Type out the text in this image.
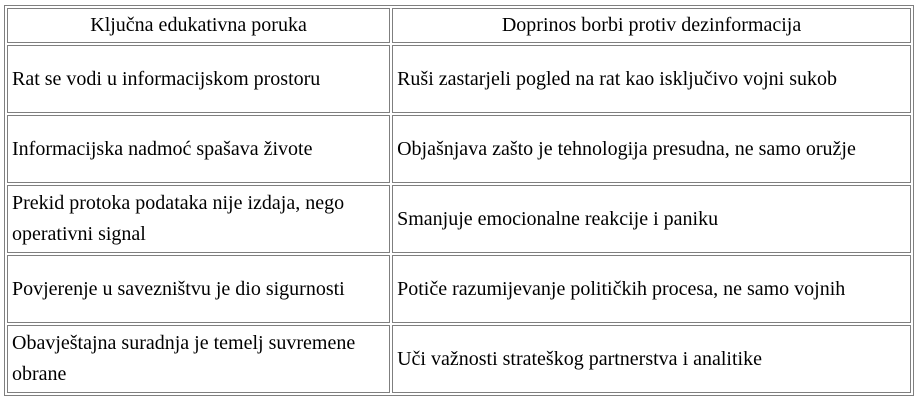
Ključna edukativna poruka	Doprinos borbi protiv dezinformacija
Rat se vodi u informacijskom prostoru	Ruši zastarjeli pogled na rat kao isključivo vojni sukob
Informacijska nadmoć spašava živote	Objašnjava zašto je tehnologija presudna, ne samo oružje
Prekid protoka podataka nije izdaja, nego operativni signal	Smanjuje emocionalne reakcije i paniku
Povjerenje u savezništvu je dio sigurnosti	Potiče razumijevanje političkih procesa, ne samo vojnih
Obavještajna suradnja je temelj suvremene obrane	Uči važnosti strateškog partnerstva i analitike
